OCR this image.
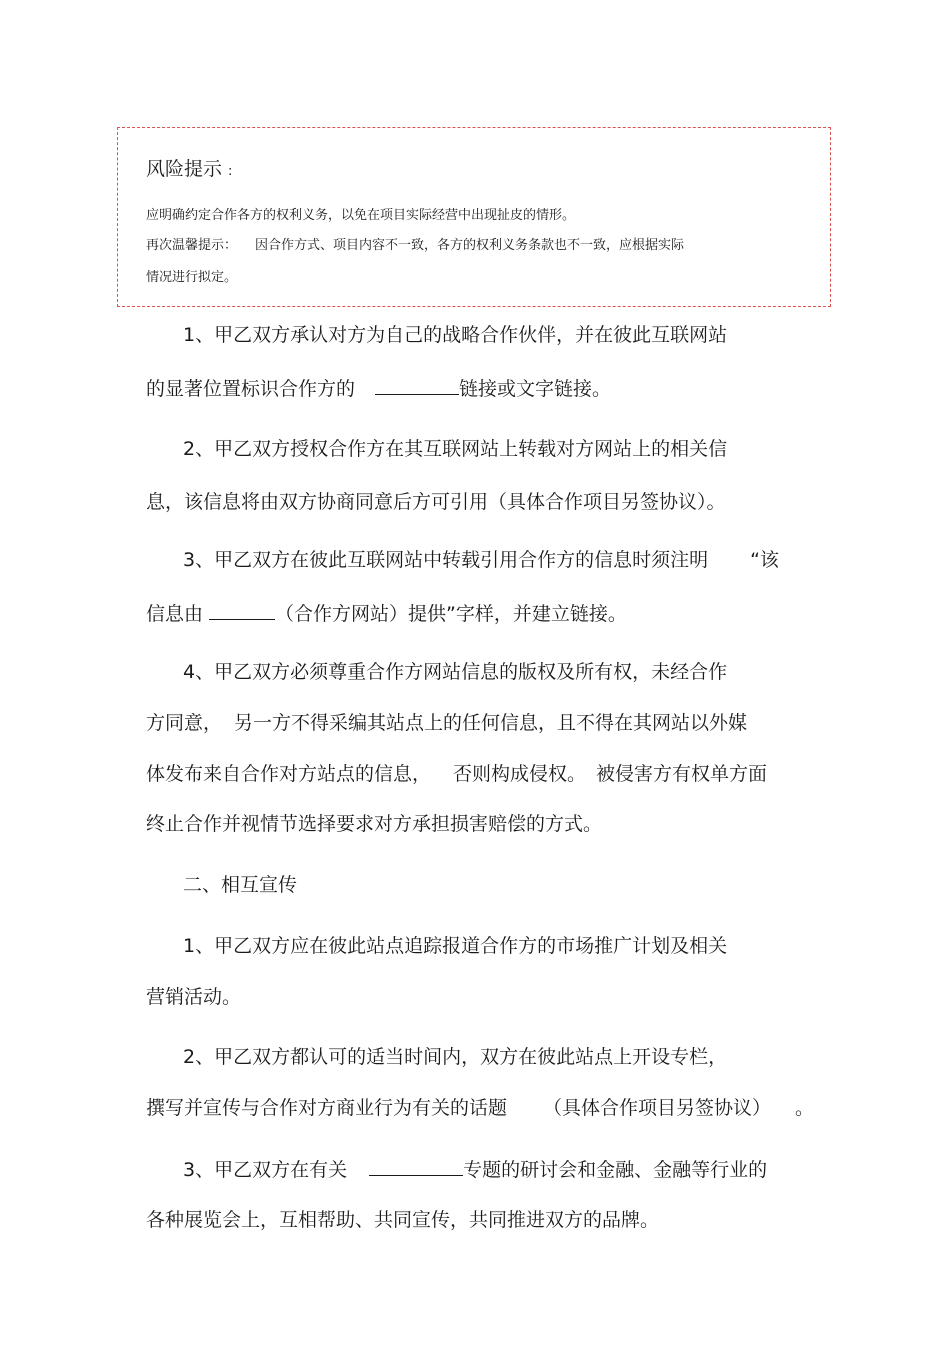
风险提示 :
应明确约定合作各方的权利义务，以免在项目实际经营中出现扯皮的情形。
再次温馨提示： 因合作方式、项目内容不一致，各方的权利义务条款也不一致，应根据实际
情况进行拟定。
1、甲乙双方承认对方为自己的战略合作伙伴，并在彼此互联网站
的显著位置标识合作方的	链接或文字链接。
2、甲乙双方授权合作方在其互联网站上转载对方网站上的相关信
息，该信息将由双方协商同意后方可引用（具体合作项目另签协议）。
3、甲乙双方在彼此互联网站中转载引用合作方的信息时须注明 “该
信息由	（合作方网站）提供”字样，并建立链接。
4、甲乙双方必须尊重合作方网站信息的版权及所有权，未经合作
方同意， 另一方不得采编其站点上的任何信息，且不得在其网站以外媒
体发布来自合作对方站点的信息， 否则构成侵权。 被侵害方有权单方面
终止合作并视情节选择要求对方承担损害赔偿的方式。
二、相互宣传
1、甲乙双方应在彼此站点追踪报道合作方的市场推广计划及相关
营销活动。
2、甲乙双方都认可的适当时间内，双方在彼此站点上开设专栏，
撰写并宣传与合作对方商业行为有关的话题 （具体合作项目另签协议） 。
3、甲乙双方在有关	专题的研讨会和金融、金融等行业的
各种展览会上，互相帮助、共同宣传，共同推进双方的品牌。
